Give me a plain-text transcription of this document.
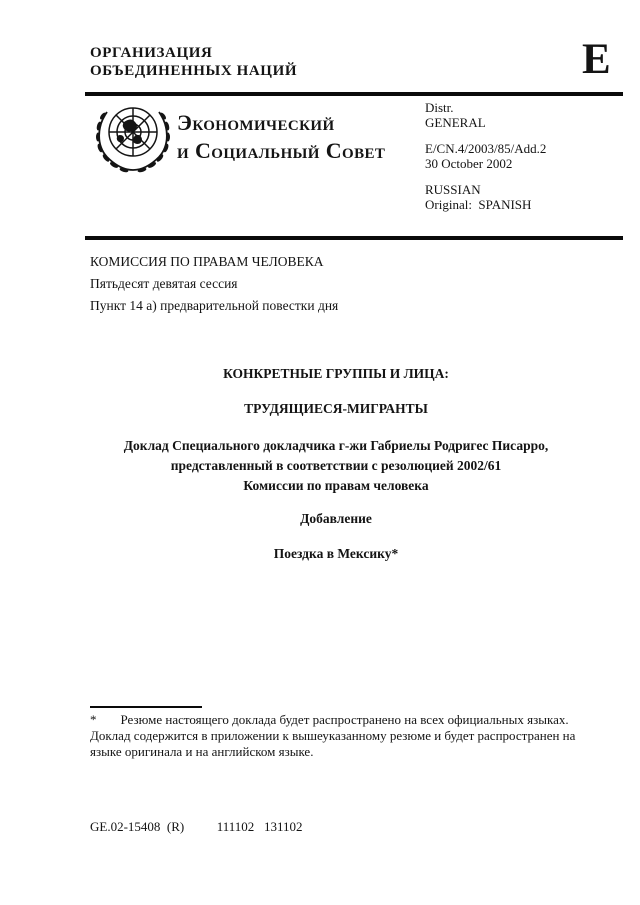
ОРГАНИЗАЦИЯ
ОБЪЕДИНЕННЫХ НАЦИЙ	E
Экономический
и Социальный Совет
Distr.
GENERAL
E/CN.4/2003/85/Add.2
30 October 2002
RUSSIAN
Original:  SPANISH
КОМИССИЯ ПО ПРАВАМ ЧЕЛОВЕКА
Пятьдесят девятая сессия
Пункт 14 а) предварительной повестки дня
КОНКРЕТНЫЕ ГРУППЫ И ЛИЦА:
ТРУДЯЩИЕСЯ-МИГРАНТЫ
Доклад Специального докладчика г-жи Габриелы Родригес Писарро,
представленный в соответствии с резолюцией 2002/61
Комиссии по правам человека
Добавление
Поездка в Мексику*

* Резюме настоящего доклада будет распространено на всех официальных языках. Доклад содержится в приложении к вышеуказанному резюме и будет распространен на языке оригинала и на английском языке.

GE.02-15408  (R)          111102   131102
